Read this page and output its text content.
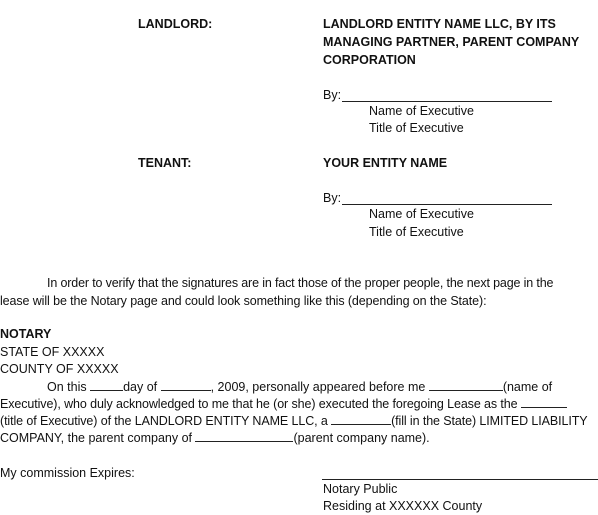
LANDLORD:	LANDLORD ENTITY NAME LLC, BY ITS
MANAGING PARTNER, PARENT COMPANY
CORPORATION
By:
Name of Executive
Title of Executive
TENANT:	YOUR ENTITY NAME
By:
Name of Executive
Title of Executive
In order to verify that the signatures are in fact those of the proper people, the next page in the
lease will be the Notary page and could look something like this (depending on the State):
NOTARY
STATE OF XXXXX
COUNTY OF XXXXX
On this	day of	, 2009, personally appeared before me	(name of
Executive), who duly acknowledged to me that he (or she) executed the foregoing Lease as the
(title of Executive) of the LANDLORD ENTITY NAME LLC, a	(fill in the State) LIMITED LIABILITY
COMPANY, the parent company of	(parent company name).
My commission Expires:
Notary Public
Residing at XXXXXX County
